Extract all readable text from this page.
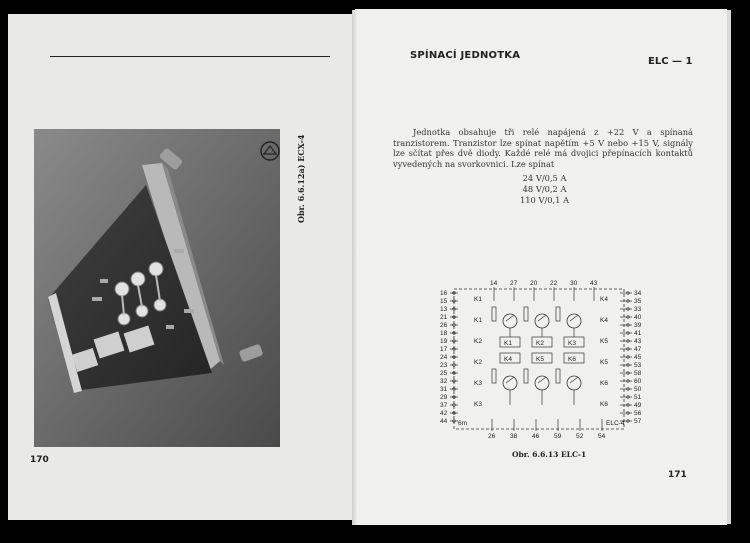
Obr. 6.6.12a) ECX-4
170
SPÍNACÍ JEDNOTKA
ELC — 1
Jednotka obsahuje tři relé napájená z +22 V a spínaná tranzistorem. Tranzistor lze spínat napětím +5 V nebo +15 V, signály lze sčítat přes dvě diody. Každé relé má dvojici přepínacích kontaktů vyvedených na svorkovnici. Lze spínat
24 V/0,5 A
48 V/0,2 A
110 V/0,1 A
16
15
13
21
26
18
19
17
24
23
25
32
31
29
37
42
44
K1
K1
K2
K2
K3
K3
34
35
33
40
39
41
43
47
45
53
58
60
50
51
49
56
57
K4
K4
K5
K5
K6
K6
14 27 20 22 30 43
26 38 46 59 52 54
K1	K2	K3
K4	K5	K6
6m	ELC-4
Obr. 6.6.13 ELC-1
171
